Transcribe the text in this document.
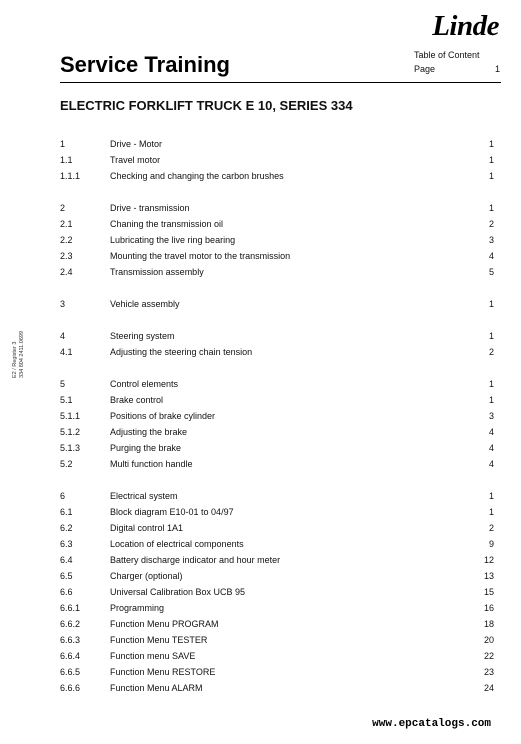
Linde
Service Training	Table of Content
Page	1
ELECTRIC FORKLIFT TRUCK E 10, SERIES 334
E2 / Register 3 334 804 2411.0699
1	Drive - Motor	1
1.1	Travel motor	1
1.1.1	Checking and changing the carbon brushes	1
2	Drive - transmission	1
2.1	Chaning the transmission oil	2
2.2	Lubricating the live ring bearing	3
2.3	Mounting the travel motor to the transmission	4
2.4	Transmission assembly	5
3	Vehicle assembly	1
4	Steering system	1
4.1	Adjusting the steering chain tension	2
5	Control elements	1
5.1	Brake control	1
5.1.1	Positions of brake cylinder	3
5.1.2	Adjusting the brake	4
5.1.3	Purging the brake	4
5.2	Multi function handle	4
6	Electrical system	1
6.1	Block diagram E10-01 to 04/97	1
6.2	Digital control 1A1	2
6.3	Location of electrical components	9
6.4	Battery discharge indicator and hour meter	12
6.5	Charger (optional)	13
6.6	Universal Calibration Box UCB 95	15
6.6.1	Programming	16
6.6.2	Function Menu PROGRAM	18
6.6.3	Function Menu TESTER	20
6.6.4	Function menu SAVE	22
6.6.5	Function Menu RESTORE	23
6.6.6	Function Menu ALARM	24
www.epcatalogs.com
